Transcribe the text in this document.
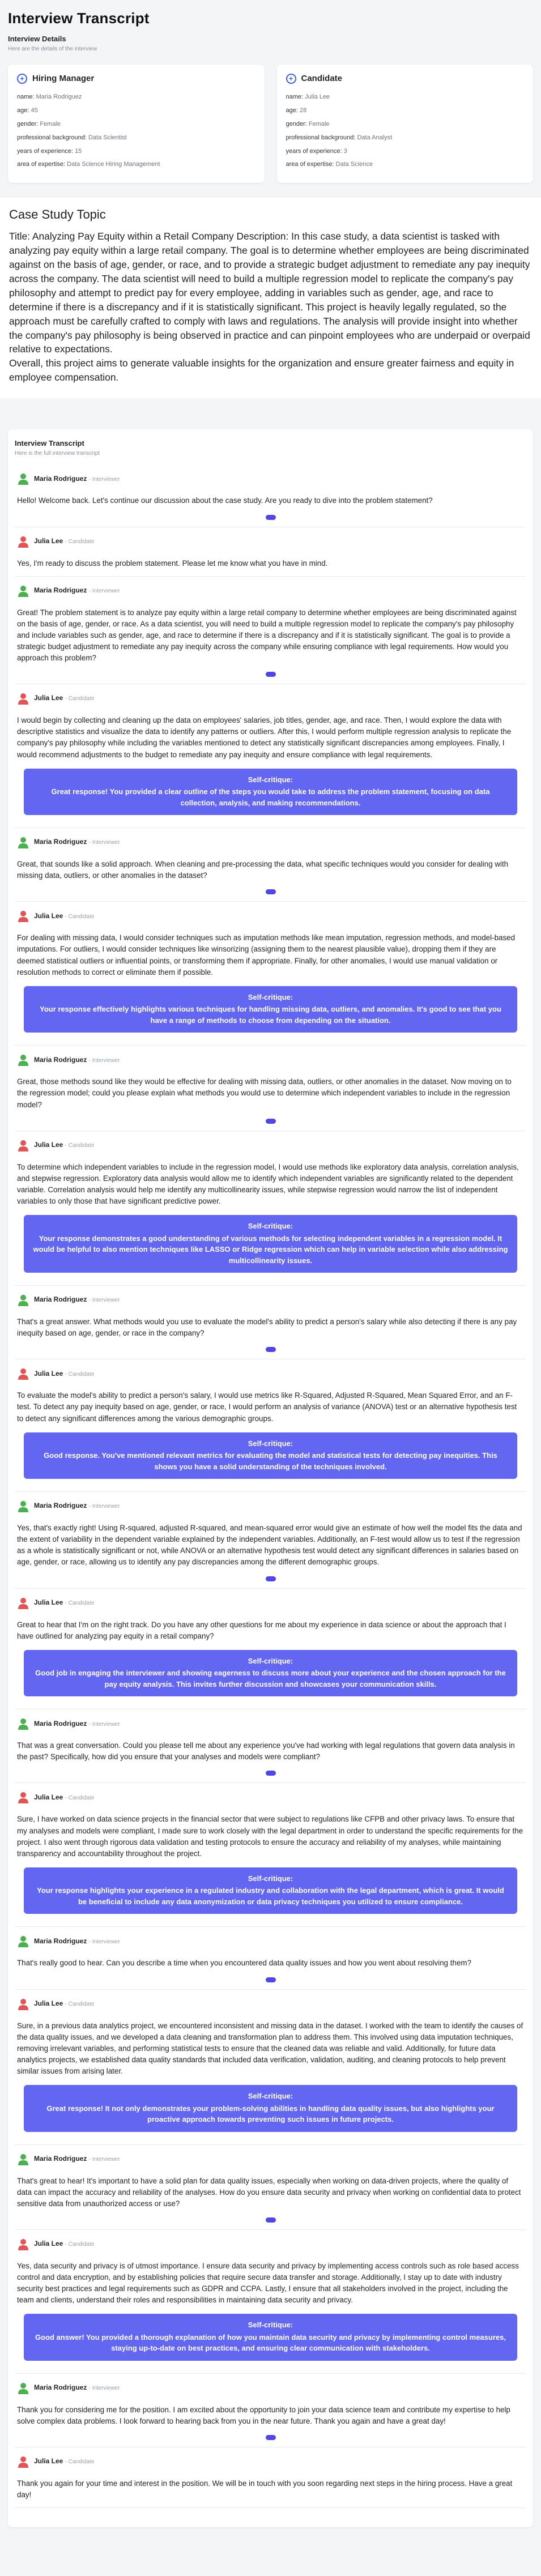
Interview Transcript
Interview Details
Here are the details of the interview
+ Hiring Manager
name: Maria Rodriguez
age: 45
gender: Female
professional background: Data Scientist
years of experience: 15
area of expertise: Data Science Hiring Management
+ Candidate
name: Julia Lee
age: 28
gender: Female
professional background: Data Analyst
years of experience: 3
area of expertise: Data Science
Case Study Topic
Title: Analyzing Pay Equity within a Retail Company Description: In this case study, a data scientist is tasked with analyzing pay equity within a large retail company. The goal is to determine whether employees are being discriminated against on the basis of age, gender, or race, and to provide a strategic budget adjustment to remediate any pay inequity across the company. The data scientist will need to build a multiple regression model to replicate the company's pay philosophy and attempt to predict pay for every employee, adding in variables such as gender, age, and race to determine if there is a discrepancy and if it is statistically significant. This project is heavily legally regulated, so the approach must be carefully crafted to comply with laws and regulations. The analysis will provide insight into whether the company's pay philosophy is being observed in practice and can pinpoint employees who are underpaid or overpaid relative to expectations.
Overall, this project aims to generate valuable insights for the organization and ensure greater fairness and equity in employee compensation.
Interview Transcript
Here is the full interview transcript
Maria Rodriguez - Interviewer
Hello! Welcome back. Let's continue our discussion about the case study. Are you ready to dive into the problem statement?
Julia Lee - Candidate
Yes, I'm ready to discuss the problem statement. Please let me know what you have in mind.
Maria Rodriguez - Interviewer
Great! The problem statement is to analyze pay equity within a large retail company to determine whether employees are being discriminated against on the basis of age, gender, or race. As a data scientist, you will need to build a multiple regression model to replicate the company's pay philosophy and include variables such as gender, age, and race to determine if there is a discrepancy and if it is statistically significant. The goal is to provide a strategic budget adjustment to remediate any pay inequity across the company while ensuring compliance with legal requirements. How would you approach this problem?
Julia Lee - Candidate
I would begin by collecting and cleaning up the data on employees' salaries, job titles, gender, age, and race. Then, I would explore the data with descriptive statistics and visualize the data to identify any patterns or outliers. After this, I would perform multiple regression analysis to replicate the company's pay philosophy while including the variables mentioned to detect any statistically significant discrepancies among employees. Finally, I would recommend adjustments to the budget to remediate any pay inequity and ensure compliance with legal requirements.
Self-critique:
Great response! You provided a clear outline of the steps you would take to address the problem statement, focusing on data collection, analysis, and making recommendations.
Maria Rodriguez - Interviewer
Great, that sounds like a solid approach. When cleaning and pre-processing the data, what specific techniques would you consider for dealing with missing data, outliers, or other anomalies in the dataset?
Julia Lee - Candidate
For dealing with missing data, I would consider techniques such as imputation methods like mean imputation, regression methods, and model-based imputations. For outliers, I would consider techniques like winsorizing (assigning them to the nearest plausible value), dropping them if they are deemed statistical outliers or influential points, or transforming them if appropriate. Finally, for other anomalies, I would use manual validation or resolution methods to correct or eliminate them if possible.
Self-critique:
Your response effectively highlights various techniques for handling missing data, outliers, and anomalies. It's good to see that you have a range of methods to choose from depending on the situation.
Maria Rodriguez - Interviewer
Great, those methods sound like they would be effective for dealing with missing data, outliers, or other anomalies in the dataset. Now moving on to the regression model; could you please explain what methods you would use to determine which independent variables to include in the regression model?
Julia Lee - Candidate
To determine which independent variables to include in the regression model, I would use methods like exploratory data analysis, correlation analysis, and stepwise regression. Exploratory data analysis would allow me to identify which independent variables are significantly related to the dependent variable. Correlation analysis would help me identify any multicollinearity issues, while stepwise regression would narrow the list of independent variables to only those that have significant predictive power.
Self-critique:
Your response demonstrates a good understanding of various methods for selecting independent variables in a regression model. It would be helpful to also mention techniques like LASSO or Ridge regression which can help in variable selection while also addressing multicollinearity issues.
Maria Rodriguez - Interviewer
That's a great answer. What methods would you use to evaluate the model's ability to predict a person's salary while also detecting if there is any pay inequity based on age, gender, or race in the company?
Julia Lee - Candidate
To evaluate the model's ability to predict a person's salary, I would use metrics like R-Squared, Adjusted R-Squared, Mean Squared Error, and an F-test. To detect any pay inequity based on age, gender, or race, I would perform an analysis of variance (ANOVA) test or an alternative hypothesis test to detect any significant differences among the various demographic groups.
Self-critique:
Good response. You've mentioned relevant metrics for evaluating the model and statistical tests for detecting pay inequities. This shows you have a solid understanding of the techniques involved.
Maria Rodriguez - Interviewer
Yes, that's exactly right! Using R-squared, adjusted R-squared, and mean-squared error would give an estimate of how well the model fits the data and the extent of variability in the dependent variable explained by the independent variables. Additionally, an F-test would allow us to test if the regression as a whole is statistically significant or not, while ANOVA or an alternative hypothesis test would detect any significant differences in salaries based on age, gender, or race, allowing us to identify any pay discrepancies among the different demographic groups.
Julia Lee - Candidate
Great to hear that I'm on the right track. Do you have any other questions for me about my experience in data science or about the approach that I have outlined for analyzing pay equity in a retail company?
Self-critique:
Good job in engaging the interviewer and showing eagerness to discuss more about your experience and the chosen approach for the pay equity analysis. This invites further discussion and showcases your communication skills.
Maria Rodriguez - Interviewer
That was a great conversation. Could you please tell me about any experience you've had working with legal regulations that govern data analysis in the past? Specifically, how did you ensure that your analyses and models were compliant?
Julia Lee - Candidate
Sure, I have worked on data science projects in the financial sector that were subject to regulations like CFPB and other privacy laws. To ensure that my analyses and models were compliant, I made sure to work closely with the legal department in order to understand the specific requirements for the project. I also went through rigorous data validation and testing protocols to ensure the accuracy and reliability of my analyses, while maintaining transparency and accountability throughout the project.
Self-critique:
Your response highlights your experience in a regulated industry and collaboration with the legal department, which is great. It would be beneficial to include any data anonymization or data privacy techniques you utilized to ensure compliance.
Maria Rodriguez - Interviewer
That's really good to hear. Can you describe a time when you encountered data quality issues and how you went about resolving them?
Julia Lee - Candidate
Sure, in a previous data analytics project, we encountered inconsistent and missing data in the dataset. I worked with the team to identify the causes of the data quality issues, and we developed a data cleaning and transformation plan to address them. This involved using data imputation techniques, removing irrelevant variables, and performing statistical tests to ensure that the cleaned data was reliable and valid. Additionally, for future data analytics projects, we established data quality standards that included data verification, validation, auditing, and cleaning protocols to help prevent similar issues from arising later.
Self-critique:
Great response! It not only demonstrates your problem-solving abilities in handling data quality issues, but also highlights your proactive approach towards preventing such issues in future projects.
Maria Rodriguez - Interviewer
That's great to hear! It's important to have a solid plan for data quality issues, especially when working on data-driven projects, where the quality of data can impact the accuracy and reliability of the analyses. How do you ensure data security and privacy when working on confidential data to protect sensitive data from unauthorized access or use?
Julia Lee - Candidate
Yes, data security and privacy is of utmost importance. I ensure data security and privacy by implementing access controls such as role based access control and data encryption, and by establishing policies that require secure data transfer and storage. Additionally, I stay up to date with industry security best practices and legal requirements such as GDPR and CCPA. Lastly, I ensure that all stakeholders involved in the project, including the team and clients, understand their roles and responsibilities in maintaining data security and privacy.
Self-critique:
Good answer! You provided a thorough explanation of how you maintain data security and privacy by implementing control measures, staying up-to-date on best practices, and ensuring clear communication with stakeholders.
Maria Rodriguez - Interviewer
Thank you for considering me for the position. I am excited about the opportunity to join your data science team and contribute my expertise to help solve complex data problems. I look forward to hearing back from you in the near future. Thank you again and have a great day!
Julia Lee - Candidate
Thank you again for your time and interest in the position. We will be in touch with you soon regarding next steps in the hiring process. Have a great day!
